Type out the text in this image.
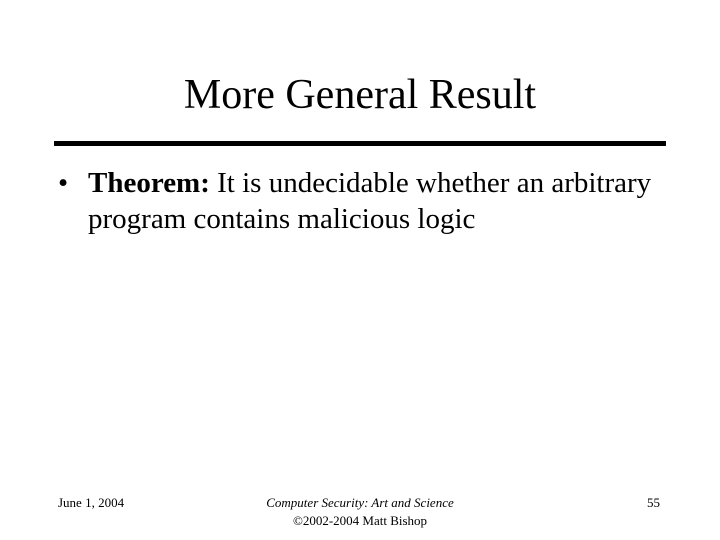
More General Result
• Theorem: It is undecidable whether an arbitrary program contains malicious logic
June 1, 2004	Computer Security: Art and Science
©2002-2004 Matt Bishop
55
